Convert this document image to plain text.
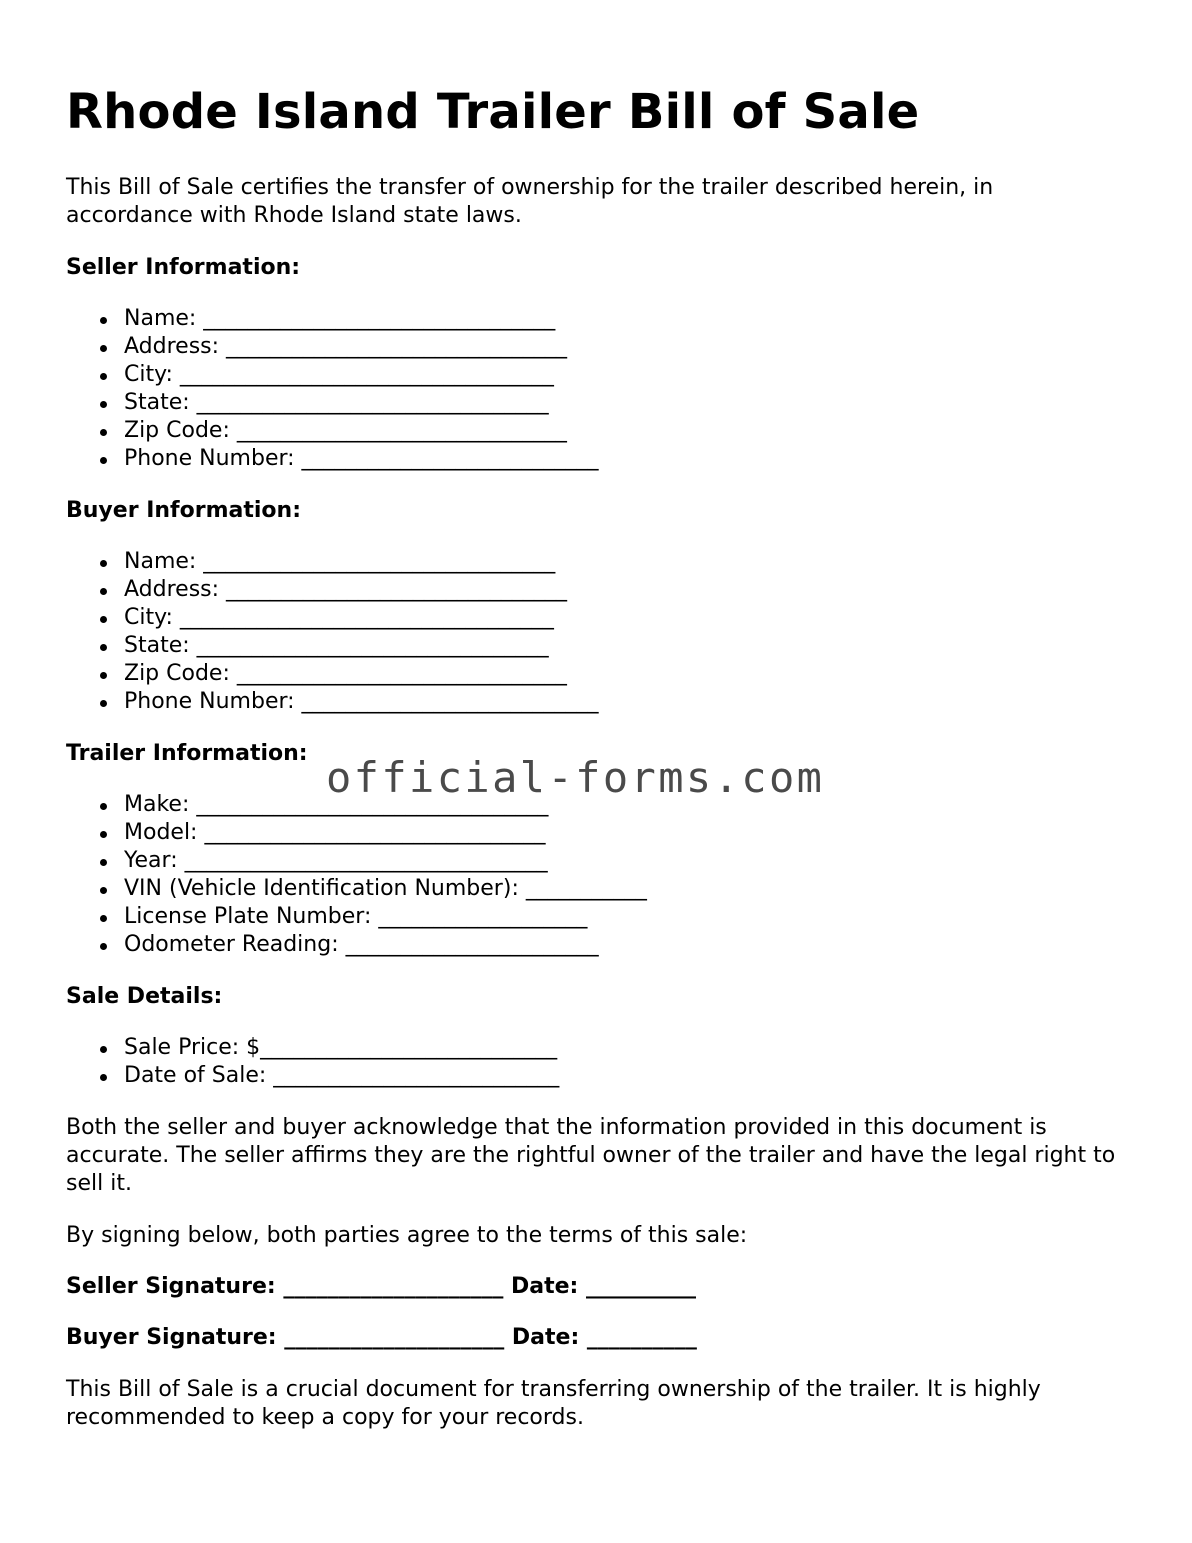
Rhode Island Trailer Bill of Sale

This Bill of Sale certifies the transfer of ownership for the trailer described herein, in accordance with Rhode Island state laws.

Seller Information:
Name: ________________________________
Address: _______________________________
City: __________________________________
State: ________________________________
Zip Code: ______________________________
Phone Number: ___________________________
Buyer Information:
Name: ________________________________
Address: _______________________________
City: __________________________________
State: ________________________________
Zip Code: ______________________________
Phone Number: ___________________________
Trailer Information:
Make: ________________________________
Model: _______________________________
Year: _________________________________
VIN (Vehicle Identification Number): ___________
License Plate Number: ___________________
Odometer Reading: _______________________
Sale Details:
Sale Price: $___________________________
Date of Sale: __________________________

Both the seller and buyer acknowledge that the information provided in this document is accurate. The seller affirms they are the rightful owner of the trailer and have the legal right to sell it.

By signing below, both parties agree to the terms of this sale:

Seller Signature: ____________________ Date: __________

Buyer Signature: ____________________ Date: __________

This Bill of Sale is a crucial document for transferring ownership of the trailer. It is highly recommended to keep a copy for your records.

official-forms.com
